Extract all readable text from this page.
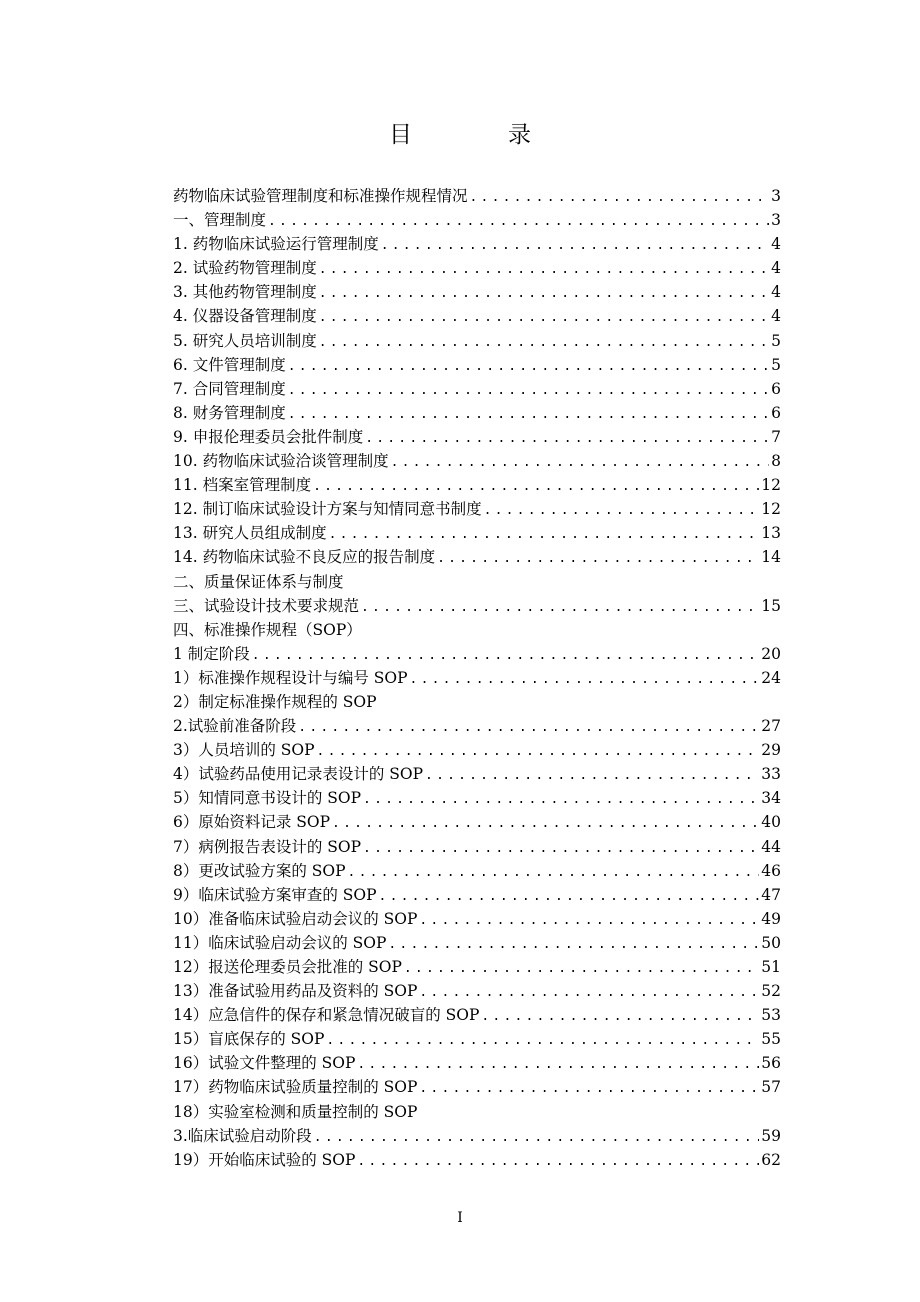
目	录
药物临床试验管理制度和标准操作规程情况 .....	3
一、管理制度 .....	3
1. 药物临床试验运行管理制度 .....	4
2. 试验药物管理制度 .....	4
3. 其他药物管理制度 .....	4
4. 仪器设备管理制度 .....	4
5. 研究人员培训制度 .....	5
6. 文件管理制度 .....	5
7. 合同管理制度 .....	6
8. 财务管理制度 .....	6
9. 申报伦理委员会批件制度 .....	7
10. 药物临床试验洽谈管理制度 .....	8
11. 档案室管理制度 .....	12
12. 制订临床试验设计方案与知情同意书制度 .....	12
13. 研究人员组成制度 .....	13
14. 药物临床试验不良反应的报告制度 .....	14
二、质量保证体系与制度
三、试验设计技术要求规范 .....	15
四、标准操作规程（SOP）
1 制定阶段 .....	20
1）标准操作规程设计与编号 SOP .....	24
2）制定标准操作规程的 SOP
2.试验前准备阶段 .....	27
3）人员培训的 SOP .....	29
4）试验药品使用记录表设计的 SOP .....	33
5）知情同意书设计的 SOP .....	34
6）原始资料记录 SOP .....	40
7）病例报告表设计的 SOP .....	44
8）更改试验方案的 SOP .....	46
9）临床试验方案审查的 SOP .....	47
10）准备临床试验启动会议的 SOP .....	49
11）临床试验启动会议的 SOP .....	50
12）报送伦理委员会批准的 SOP .....	51
13）准备试验用药品及资料的 SOP .....	52
14）应急信件的保存和紧急情况破盲的 SOP .....	53
15）盲底保存的 SOP .....	55
16）试验文件整理的 SOP .....	56
17）药物临床试验质量控制的 SOP .....	57
18）实验室检测和质量控制的 SOP
3.临床试验启动阶段 .....	59
19）开始临床试验的 SOP .....	62
I
